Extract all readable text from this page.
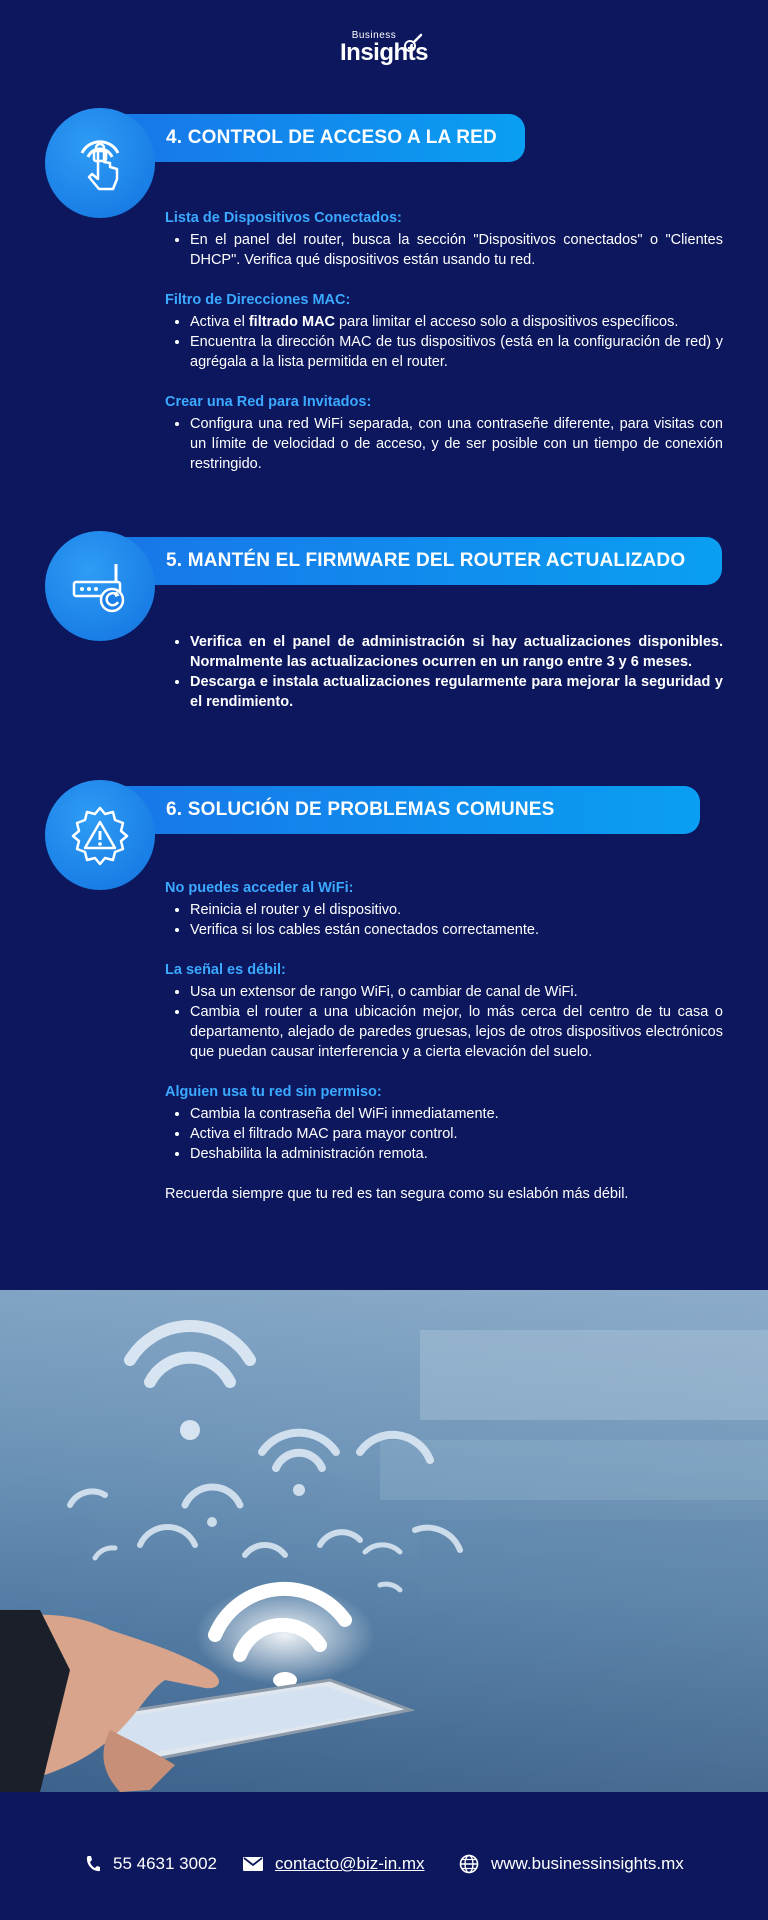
Business
Insights
4. CONTROL DE ACCESO A LA RED

Lista de Dispositivos Conectados:

• En el panel del router, busca la sección "Dispositivos conectados" o "Clientes DHCP". Verifica qué dispositivos están usando tu red.

Filtro de Direcciones MAC:

• Activa el filtrado MAC para limitar el acceso solo a dispositivos específicos.
• Encuentra la dirección MAC de tus dispositivos (está en la configuración de red) y agrégala a la lista permitida en el router.

Crear una Red para Invitados:

• Configura una red WiFi separada, con una contraseñe diferente, para visitas con un límite de velocidad o de acceso, y de ser posible con un tiempo de conexión restringido.
5. MANTÉN EL FIRMWARE DEL ROUTER ACTUALIZADO
• Verifica en el panel de administración si hay actualizaciones disponibles. Normalmente las actualizaciones ocurren en un rango entre 3 y 6 meses.
• Descarga e instala actualizaciones regularmente para mejorar la seguridad y el rendimiento.
6. SOLUCIÓN DE PROBLEMAS COMUNES

No puedes acceder al WiFi:

• Reinicia el router y el dispositivo.
• Verifica si los cables están conectados correctamente.

La señal es débil:

• Usa un extensor de rango WiFi, o cambiar de canal de WiFi.
• Cambia el router a una ubicación mejor, lo más cerca del centro de tu casa o departamento, alejado de paredes gruesas, lejos de otros dispositivos electrónicos que puedan causar interferencia y a cierta elevación del suelo.

Alguien usa tu red sin permiso:

• Cambia la contraseña del WiFi inmediatamente.
• Activa el filtrado MAC para mayor control.
• Deshabilita la administración remota.

Recuerda siempre que tu red es tan segura como su eslabón más débil.

55 4631 3002	contacto@biz-in.mx	www.businessinsights.mx
